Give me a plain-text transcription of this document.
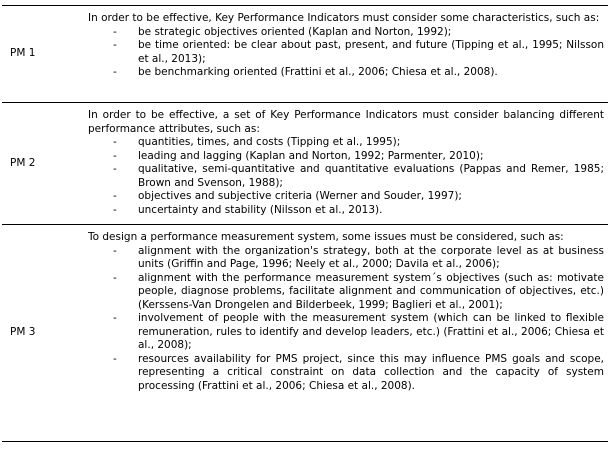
PM 1

In order to be effective, Key Performance Indicators must consider some characteristics, such as:

-	be strategic objectives oriented (Kaplan and Norton, 1992);
-	be time oriented: be clear about past, present, and future (Tipping et al., 1995; Nilsson et al., 2013);
-	be benchmarking oriented (Frattini et al., 2006; Chiesa et al., 2008).
PM 2

In order to be effective, a set of Key Performance Indicators must consider balancing different performance attributes, such as:

-	quantities, times, and costs (Tipping et al., 1995);
-	leading and lagging (Kaplan and Norton, 1992; Parmenter, 2010);
-	qualitative, semi-quantitative and quantitative evaluations (Pappas and Remer, 1985; Brown and Svenson, 1988);
-	objectives and subjective criteria (Werner and Souder, 1997);
-	uncertainty and stability (Nilsson et al., 2013).
PM 3

To design a performance measurement system, some issues must be considered, such as:

-	alignment with the organization's strategy, both at the corporate level as at business units (Griffin and Page, 1996; Neely et al., 2000; Davila et al., 2006);
-	alignment with the performance measurement system´s objectives (such as: motivate people, diagnose problems, facilitate alignment and communication of objectives, etc.) (Kerssens-Van Drongelen and Bilderbeek, 1999; Baglieri et al., 2001);
-	involvement of people with the measurement system (which can be linked to flexible remuneration, rules to identify and develop leaders, etc.) (Frattini et al., 2006; Chiesa et al., 2008);
-	resources availability for PMS project, since this may influence PMS goals and scope, representing a critical constraint on data collection and the capacity of system processing (Frattini et al., 2006; Chiesa et al., 2008).
